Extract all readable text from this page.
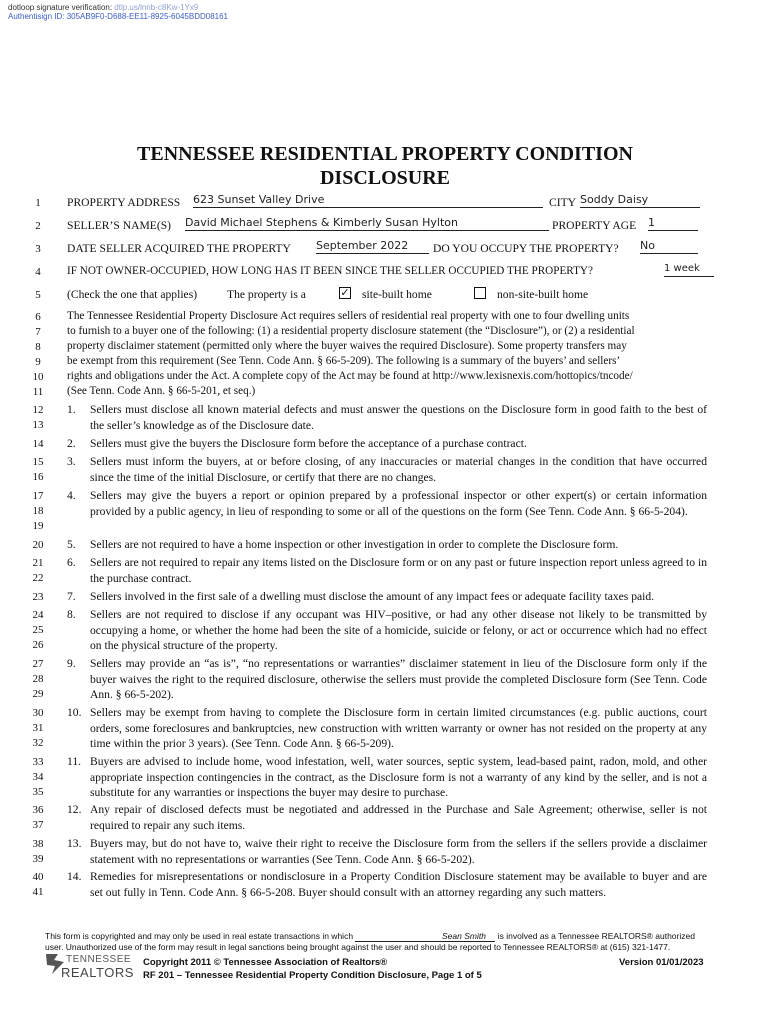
dotloop signature verification: dtlp.us/lnnb-c8Kw-1Yx9
Authentisign ID: 305AB9F0-D688-EE11-8925-6045BDD08161
TENNESSEE RESIDENTIAL PROPERTY CONDITION
DISCLOSURE
1
2
3
4
5
6
7
8
9
10
11
12
13
14
15
16
17
18
19
20
21
22
23
24
25
26
27
28
29
30
31
32
33
34
35
36
37
38
39
40
41
PROPERTY ADDRESS 623 Sunset Valley Drive	CITY Soddy Daisy
SELLER’S NAME(S) David Michael Stephens & Kimberly Susan Hylton	PROPERTY AGE 1
DATE SELLER ACQUIRED THE PROPERTY September 2022	DO YOU OCCUPY THE PROPERTY? No
IF NOT OWNER-OCCUPIED, HOW LONG HAS IT BEEN SINCE THE SELLER OCCUPIED THE PROPERTY?	1 week
(Check the one that applies)	The property is a	✓ site-built home	non-site-built home
The Tennessee Residential Property Disclosure Act requires sellers of residential real property with one to four dwelling units
to furnish to a buyer one of the following: (1) a residential property disclosure statement (the “Disclosure”), or (2) a residential
property disclaimer statement (permitted only where the buyer waives the required Disclosure). Some property transfers may
be exempt from this requirement (See Tenn. Code Ann. § 66-5-209). The following is a summary of the buyers’ and sellers’
rights and obligations under the Act. A complete copy of the Act may be found at http://www.lexisnexis.com/hottopics/tncode/
(See Tenn. Code Ann. § 66-5-201, et seq.)
1.	Sellers must disclose all known material defects and must answer the questions on the Disclosure form in good faith to the best of the seller’s knowledge as of the Disclosure date.
2.	Sellers must give the buyers the Disclosure form before the acceptance of a purchase contract.
3.	Sellers must inform the buyers, at or before closing, of any inaccuracies or material changes in the condition that have occurred since the time of the initial Disclosure, or certify that there are no changes.
4.	Sellers may give the buyers a report or opinion prepared by a professional inspector or other expert(s) or certain information provided by a public agency, in lieu of responding to some or all of the questions on the form (See Tenn. Code Ann. § 66-5-204).
5.	Sellers are not required to have a home inspection or other investigation in order to complete the Disclosure form.
6.	Sellers are not required to repair any items listed on the Disclosure form or on any past or future inspection report unless agreed to in the purchase contract.
7.	Sellers involved in the first sale of a dwelling must disclose the amount of any impact fees or adequate facility taxes paid.
8.	Sellers are not required to disclose if any occupant was HIV–positive, or had any other disease not likely to be transmitted by occupying a home, or whether the home had been the site of a homicide, suicide or felony, or act or occurrence which had no effect on the physical structure of the property.
9.	Sellers may provide an “as is”, “no representations or warranties” disclaimer statement in lieu of the Disclosure form only if the buyer waives the right to the required disclosure, otherwise the sellers must provide the completed Disclosure form (See Tenn. Code Ann. § 66-5-202).
10. Sellers may be exempt from having to complete the Disclosure form in certain limited circumstances (e.g. public auctions, court orders, some foreclosures and bankruptcies, new construction with written warranty or owner has not resided on the property at any time within the prior 3 years). (See Tenn. Code Ann. § 66-5-209).
11. Buyers are advised to include home, wood infestation, well, water sources, septic system, lead-based paint, radon, mold, and other appropriate inspection contingencies in the contract, as the Disclosure form is not a warranty of any kind by the seller, and is not a substitute for any warranties or inspections the buyer may desire to purchase.
12. Any repair of disclosed defects must be negotiated and addressed in the Purchase and Sale Agreement; otherwise, seller is not required to repair any such items.
13. Buyers may, but do not have to, waive their right to receive the Disclosure form from the sellers if the sellers provide a disclaimer statement with no representations or warranties (See Tenn. Code Ann. § 66-5-202).
14. Remedies for misrepresentations or nondisclosure in a Property Condition Disclosure statement may be available to buyer and are set out fully in Tenn. Code Ann. § 66-5-208. Buyer should consult with an attorney regarding any such matters.
This form is copyrighted and may only be used in real estate transactions in which	Sean Smith is involved as a Tennessee REALTORS® authorized
user. Unauthorized use of the form may result in legal sanctions being brought against the user and should be reported to Tennessee REALTORS® at (615) 321-1477.
TENNESSEE
REALTORS
Copyright 2011 © Tennessee Association of Realtors®
RF 201 – Tennessee Residential Property Condition Disclosure, Page 1 of 5
Version 01/01/2023
